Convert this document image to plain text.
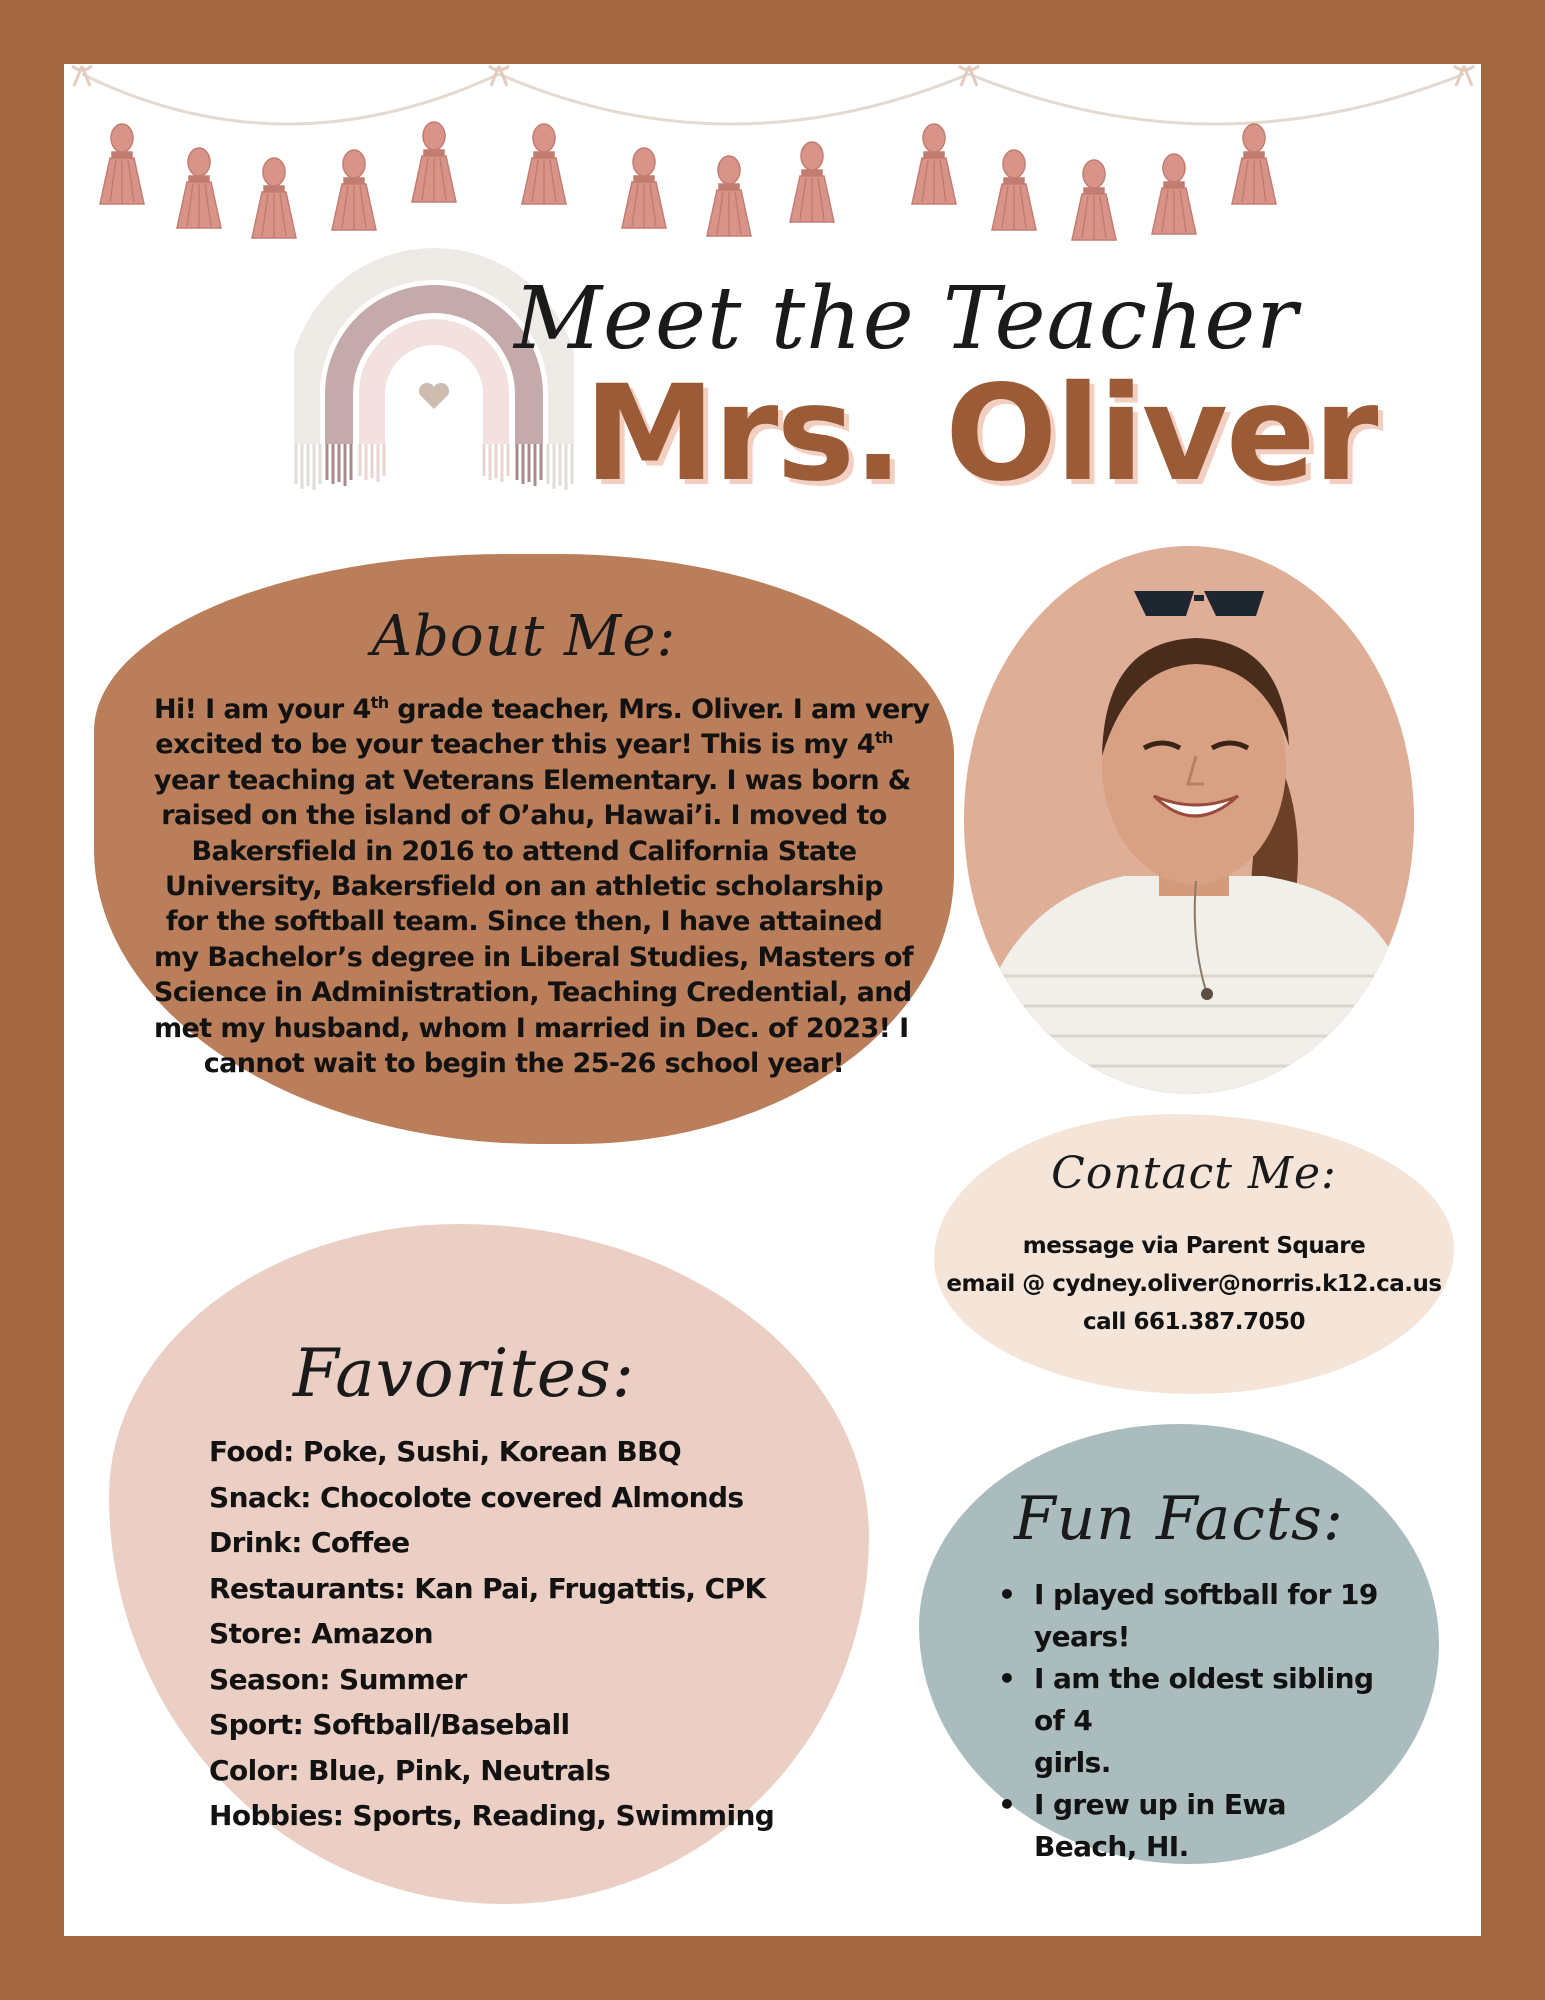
Meet the Teacher
Mrs. Oliver
About Me:
Hi! I am your 4th grade teacher, Mrs. Oliver. I am very
excited to be your teacher this year! This is my 4th
year teaching at Veterans Elementary. I was born &
raised on the island of O’ahu, Hawai’i. I moved to
Bakersfield in 2016 to attend California State
University, Bakersfield on an athletic scholarship
for the softball team. Since then, I have attained
my Bachelor’s degree in Liberal Studies, Masters of
Science in Administration, Teaching Credential, and
met my husband, whom I married in Dec. of 2023! I
cannot wait to begin the 25-26 school year!
Contact Me:
message via Parent Square
email @ cydney.oliver@norris.k12.ca.us
call 661.387.7050
Favorites:
Food: Poke, Sushi, Korean BBQ
Snack: Chocolote covered Almonds
Drink: Coffee
Restaurants: Kan Pai, Frugattis, CPK
Store: Amazon
Season: Summer
Sport: Softball/Baseball
Color: Blue, Pink, Neutrals
Hobbies: Sports, Reading, Swimming
Fun Facts:
• I played softball for 19
years!
• I am the oldest sibling of 4
girls.
• I grew up in Ewa Beach, HI.
